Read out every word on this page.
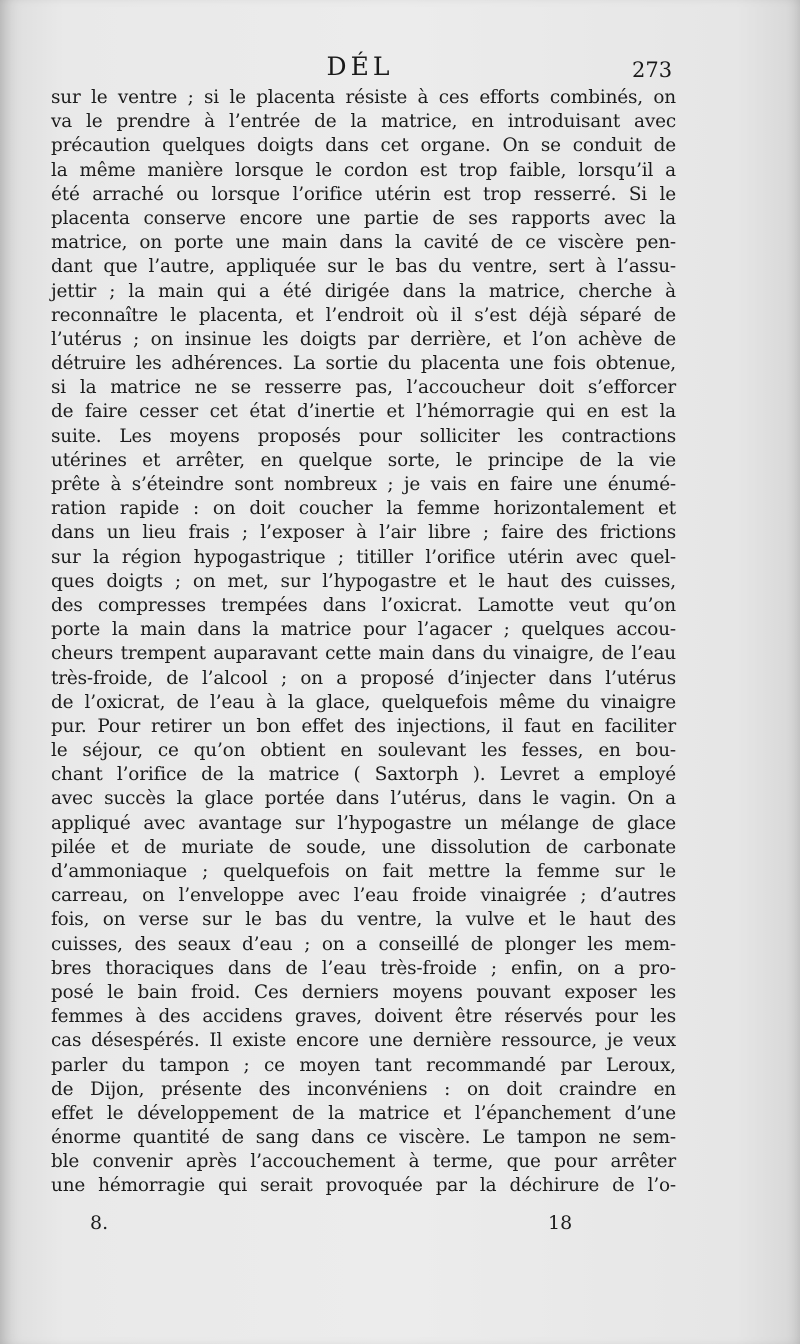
DÉL	273
sur le ventre ; si le placenta résiste à ces efforts combinés, on
va le prendre à l’entrée de la matrice, en introduisant avec
précaution quelques doigts dans cet organe. On se conduit de
la même manière lorsque le cordon est trop faible, lorsqu’il a
été arraché ou lorsque l’orifice utérin est trop resserré. Si le
placenta conserve encore une partie de ses rapports avec la
matrice, on porte une main dans la cavité de ce viscère pen-
dant que l’autre, appliquée sur le bas du ventre, sert à l’assu-
jettir ; la main qui a été dirigée dans la matrice, cherche à
reconnaître le placenta, et l’endroit où il s’est déjà séparé de
l’utérus ; on insinue les doigts par derrière, et l’on achève de
détruire les adhérences. La sortie du placenta une fois obtenue,
si la matrice ne se resserre pas, l’accoucheur doit s’efforcer
de faire cesser cet état d’inertie et l’hémorragie qui en est la
suite. Les moyens proposés pour solliciter les contractions
utérines et arrêter, en quelque sorte, le principe de la vie
prête à s’éteindre sont nombreux ; je vais en faire une énumé-
ration rapide : on doit coucher la femme horizontalement et
dans un lieu frais ; l’exposer à l’air libre ; faire des frictions
sur la région hypogastrique ; titiller l’orifice utérin avec quel-
ques doigts ; on met, sur l’hypogastre et le haut des cuisses,
des compresses trempées dans l’oxicrat. Lamotte veut qu’on
porte la main dans la matrice pour l’agacer ; quelques accou-
cheurs trempent auparavant cette main dans du vinaigre, de l’eau
très-froide, de l’alcool ; on a proposé d’injecter dans l’utérus
de l’oxicrat, de l’eau à la glace, quelquefois même du vinaigre
pur. Pour retirer un bon effet des injections, il faut en faciliter
le séjour, ce qu’on obtient en soulevant les fesses, en bou-
chant l’orifice de la matrice ( Saxtorph ). Levret a employé
avec succès la glace portée dans l’utérus, dans le vagin. On a
appliqué avec avantage sur l’hypogastre un mélange de glace
pilée et de muriate de soude, une dissolution de carbonate
d’ammoniaque ; quelquefois on fait mettre la femme sur le
carreau, on l’enveloppe avec l’eau froide vinaigrée ; d’autres
fois, on verse sur le bas du ventre, la vulve et le haut des
cuisses, des seaux d’eau ; on a conseillé de plonger les mem-
bres thoraciques dans de l’eau très-froide ; enfin, on a pro-
posé le bain froid. Ces derniers moyens pouvant exposer les
femmes à des accidens graves, doivent être réservés pour les
cas désespérés. Il existe encore une dernière ressource, je veux
parler du tampon ; ce moyen tant recommandé par Leroux,
de Dijon, présente des inconvéniens : on doit craindre en
effet le développement de la matrice et l’épanchement d’une
énorme quantité de sang dans ce viscère. Le tampon ne sem-
ble convenir après l’accouchement à terme, que pour arrêter
une hémorragie qui serait provoquée par la déchirure de l’o-
8.	18
